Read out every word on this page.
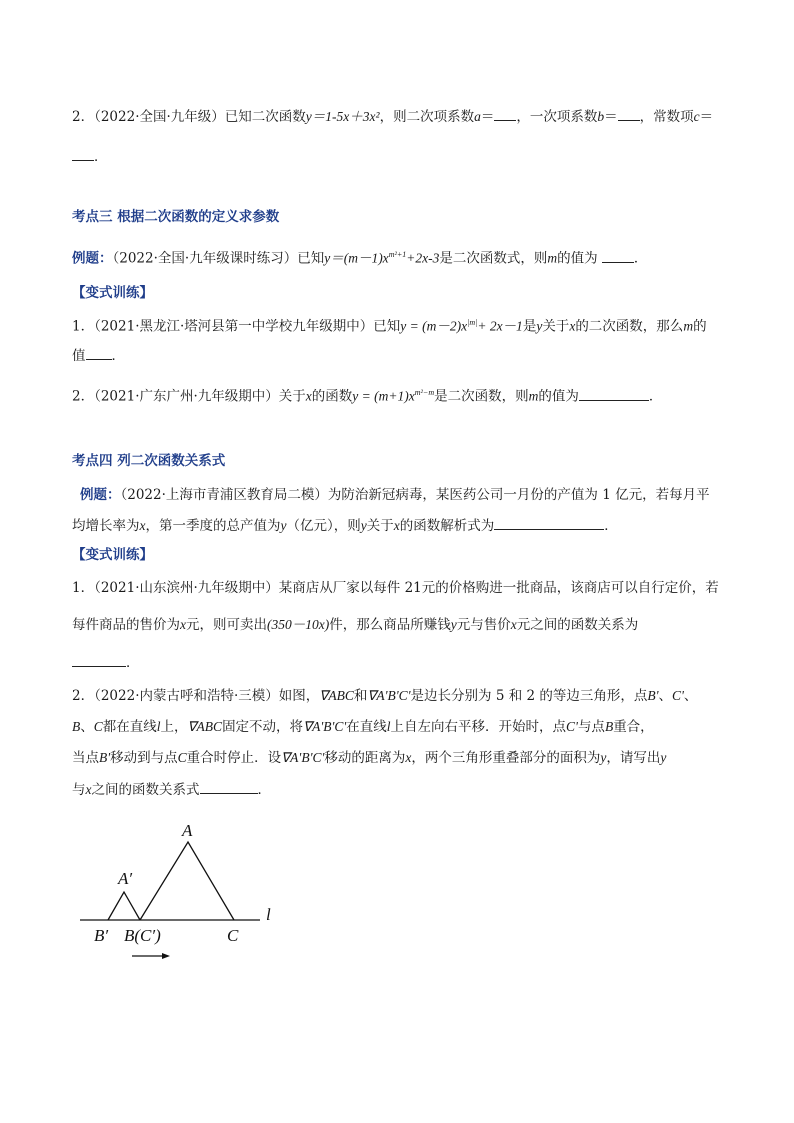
2．（2022·全国·九年级）已知二次函数y＝1-5x＋3x²，则二次项系数a＝ ，一次项系数b＝ ，常数项c＝
．
考点三 根据二次函数的定义求参数
例题：（2022·全国·九年级课时练习）已知$y=(m-1)x^{m^2+1}+2x-3$是二次函数式，则m的值为	．
【变式训练】
1．（2021·黑龙江·塔河县第一中学校九年级期中）已知$y = (m-2)x^{|m|}+ 2x-1$是y关于x的二次函数，那么m的
值 ．
2．（2021·广东广州·九年级期中）关于x的函数$y = (m+1)x^{m^2-m}$是二次函数，则m的值为	．
考点四 列二次函数关系式
例题：（2022·上海市青浦区教育局二模）为防治新冠病毒，某医药公司一月份的产值为 1 亿元，若每月平
均增长率为x，第一季度的总产值为y（亿元），则y关于x的函数解析式为	．
【变式训练】
1．（2021·山东滨州·九年级期中）某商店从厂家以每件 21元的价格购进一批商品，该商店可以自行定价，若
每件商品的售价为x元，则可卖出(350－10x)件，那么商品所赚钱y元与售价x元之间的函数关系为
．
2．（2022·内蒙古呼和浩特·三模）如图，∇ABC和∇A'B'C'是边长分别为 5 和 2 的等边三角形，点B'、C'、
B、C都在直线l上，∇ABC固定不动，将∇A'B'C'在直线l上自左向右平移．开始时，点C'与点B重合，
当点B'移动到与点C重合时停止．设∇A'B'C'移动的距离为x，两个三角形重叠部分的面积为y，请写出y
与x之间的函数关系式	．
A
A′
B′ B(C′)	C
l
